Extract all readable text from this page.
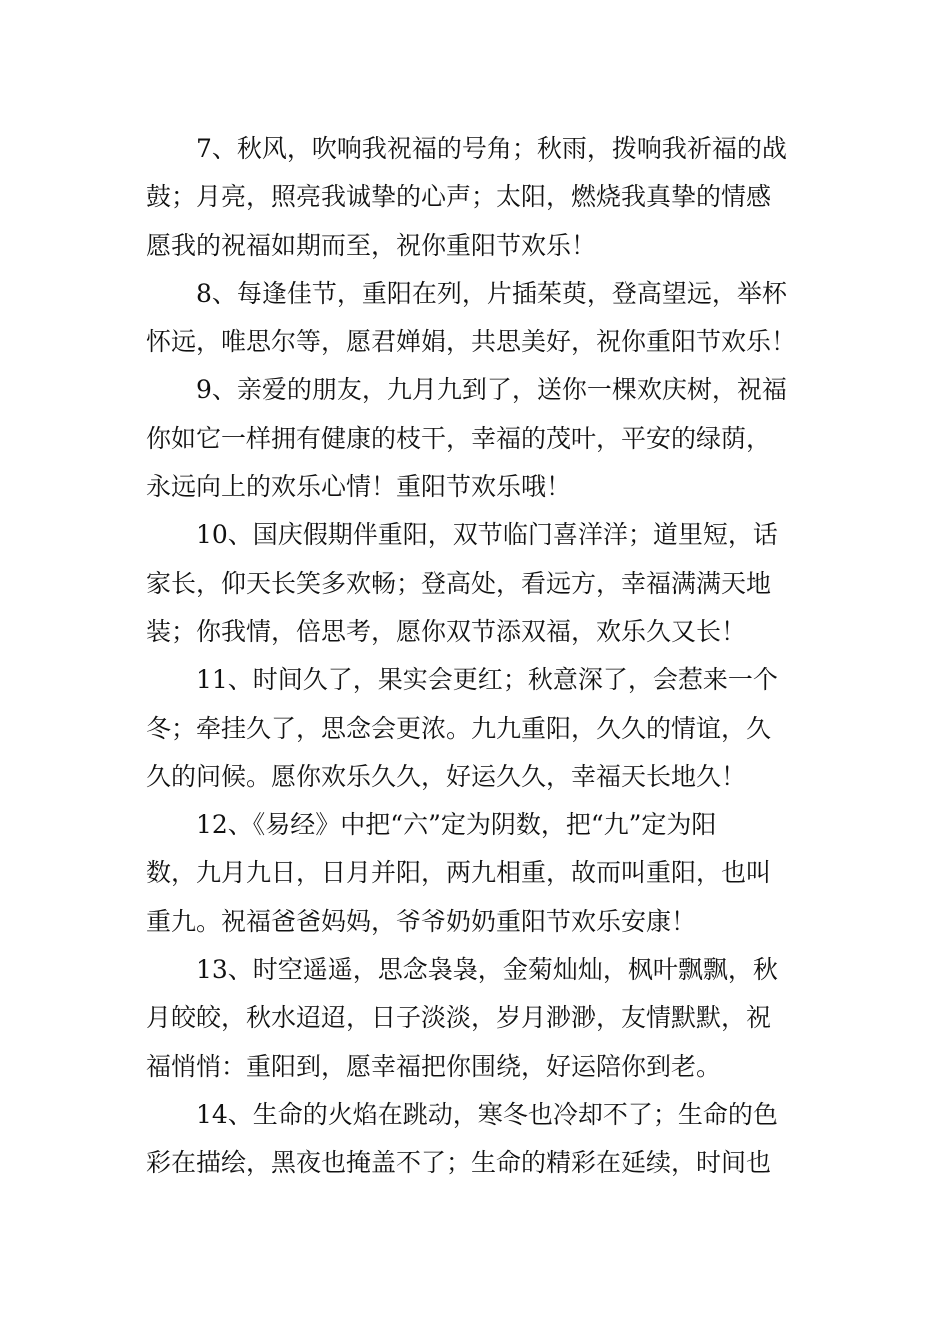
7、秋风，吹响我祝福的号角；秋雨，拨响我祈福的战
鼓；月亮，照亮我诚挚的心声；太阳，燃烧我真挚的情感
愿我的祝福如期而至，祝你重阳节欢乐！
8、每逢佳节，重阳在列，片插茱萸，登高望远，举杯
怀远，唯思尔等，愿君婵娟，共思美好，祝你重阳节欢乐！
9、亲爱的朋友，九月九到了，送你一棵欢庆树，祝福
你如它一样拥有健康的枝干，幸福的茂叶，平安的绿荫，
永远向上的欢乐心情！重阳节欢乐哦！
10、国庆假期伴重阳，双节临门喜洋洋；道里短，话
家长，仰天长笑多欢畅；登高处，看远方，幸福满满天地
装；你我情，倍思考，愿你双节添双福，欢乐久又长！
11、时间久了，果实会更红；秋意深了，会惹来一个
冬；牵挂久了，思念会更浓。九九重阳，久久的情谊，久
久的问候。愿你欢乐久久，好运久久，幸福天长地久！
12、《易经》中把“六”定为阴数，把“九”定为阳
数，九月九日，日月并阳，两九相重，故而叫重阳，也叫
重九。祝福爸爸妈妈，爷爷奶奶重阳节欢乐安康！
13、时空遥遥，思念袅袅，金菊灿灿，枫叶飘飘，秋
月皎皎，秋水迢迢，日子淡淡，岁月渺渺，友情默默，祝
福悄悄：重阳到，愿幸福把你围绕，好运陪你到老。
14、生命的火焰在跳动，寒冬也冷却不了；生命的色
彩在描绘，黑夜也掩盖不了；生命的精彩在延续，时间也
